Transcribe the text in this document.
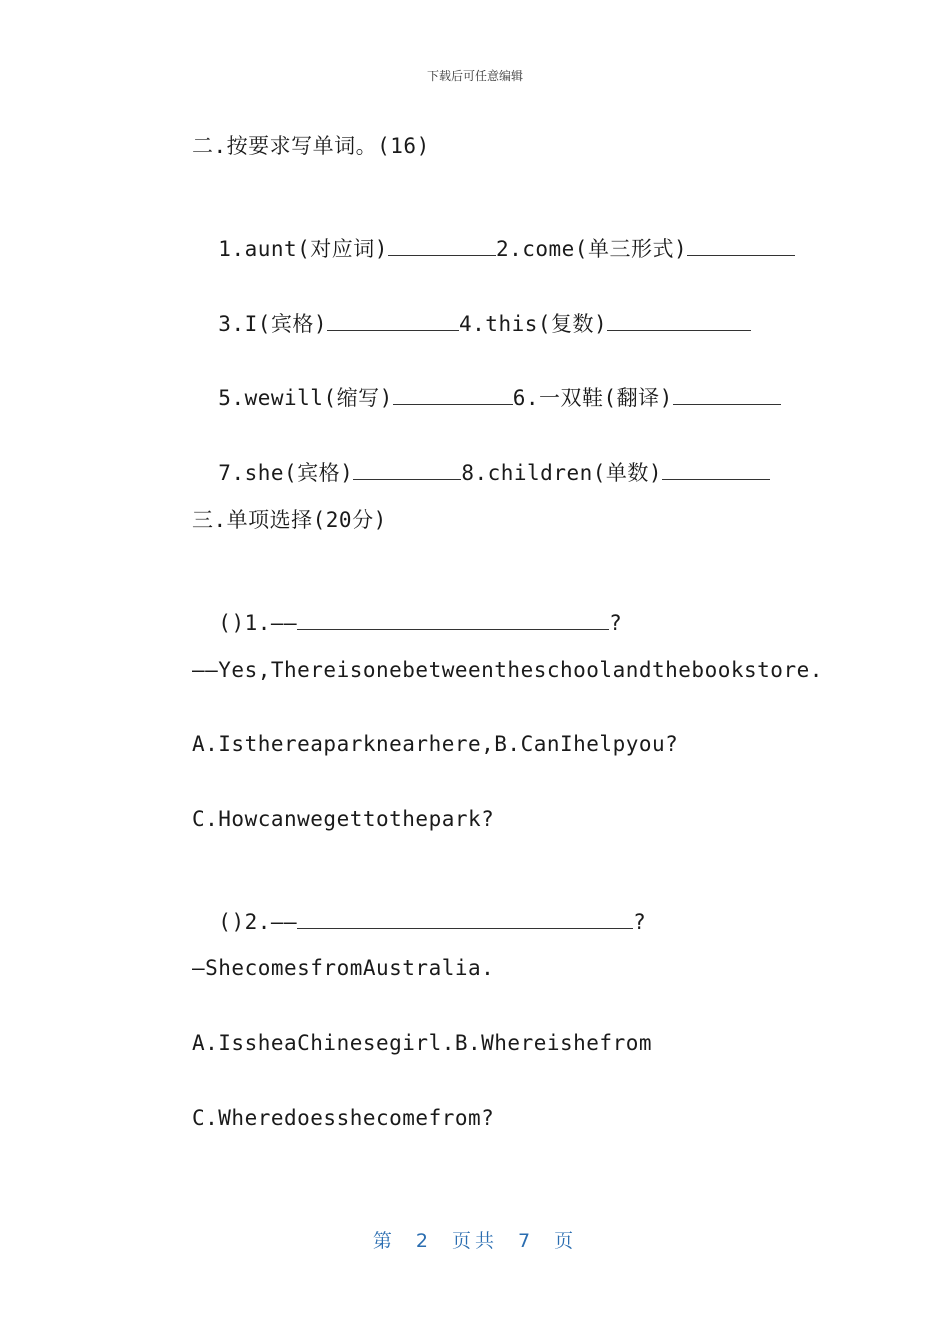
下载后可任意编辑
二.按要求写单词。(16)

1.aunt(对应词)	2.come(单三形式)

3.I(宾格)	4.this(复数)

5.wewill(缩写)	6.一双鞋(翻译)

7.she(宾格)	8.children(单数)

三.单项选择(20分)

()1.——	?

——Yes,Thereisonebetweentheschoolandthebookstore.
A.Isthereaparknearhere,B.CanIhelpyou?
C.Howcanwegettothepark?

()2.——	?

—ShecomesfromAustralia.
A.IssheaChinesegirl.B.Whereishefrom
C.Wheredoesshecomefrom?
第 2 页共 7 页
